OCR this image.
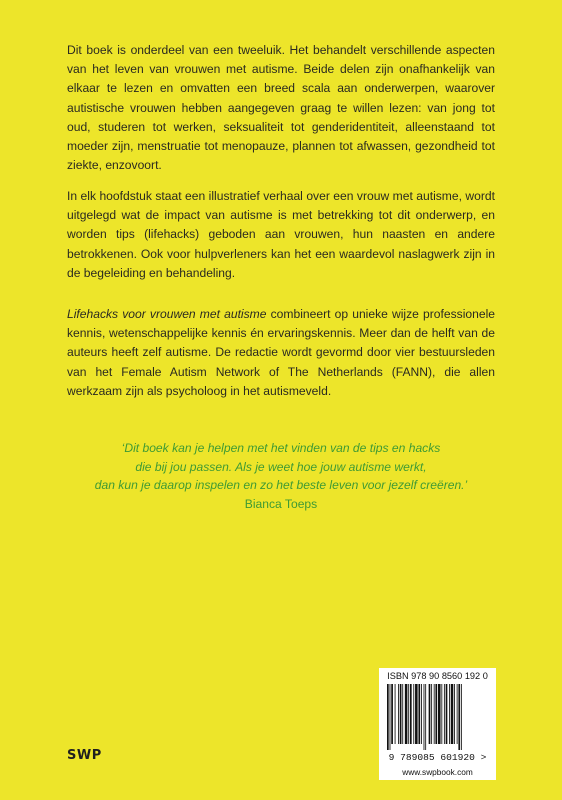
Dit boek is onderdeel van een tweeluik. Het behandelt verschillende aspecten van het leven van vrouwen met autisme. Beide delen zijn onafhankelijk van elkaar te lezen en omvatten een breed scala aan onderwerpen, waarover autistische vrouwen hebben aangegeven graag te willen lezen: van jong tot oud, studeren tot werken, seksualiteit tot genderidentiteit, alleenstaand tot moeder zijn, menstruatie tot menopauze, plannen tot afwassen, gezondheid tot ziekte, enzovoort.

In elk hoofdstuk staat een illustratief verhaal over een vrouw met autisme, wordt uitgelegd wat de impact van autisme is met betrekking tot dit onderwerp, en worden tips (lifehacks) geboden aan vrouwen, hun naasten en andere betrokkenen. Ook voor hulpverleners kan het een waardevol naslagwerk zijn in de begeleiding en behandeling.

Lifehacks voor vrouwen met autisme combineert op unieke wijze professionele kennis, wetenschappelijke kennis én ervaringskennis. Meer dan de helft van de auteurs heeft zelf autisme. De redactie wordt gevormd door vier bestuursleden van het Female Autism Network of The Netherlands (FANN), die allen werkzaam zijn als psycholoog in het autismeveld.

‘Dit boek kan je helpen met het vinden van de tips en hacks
die bij jou passen. Als je weet hoe jouw autisme werkt,
dan kun je daarop inspelen en zo het beste leven voor jezelf creëren.’
Bianca Toeps
SWP
ISBN 978 90 8560 192 0
9 789085 601920 >
www.swpbook.com
